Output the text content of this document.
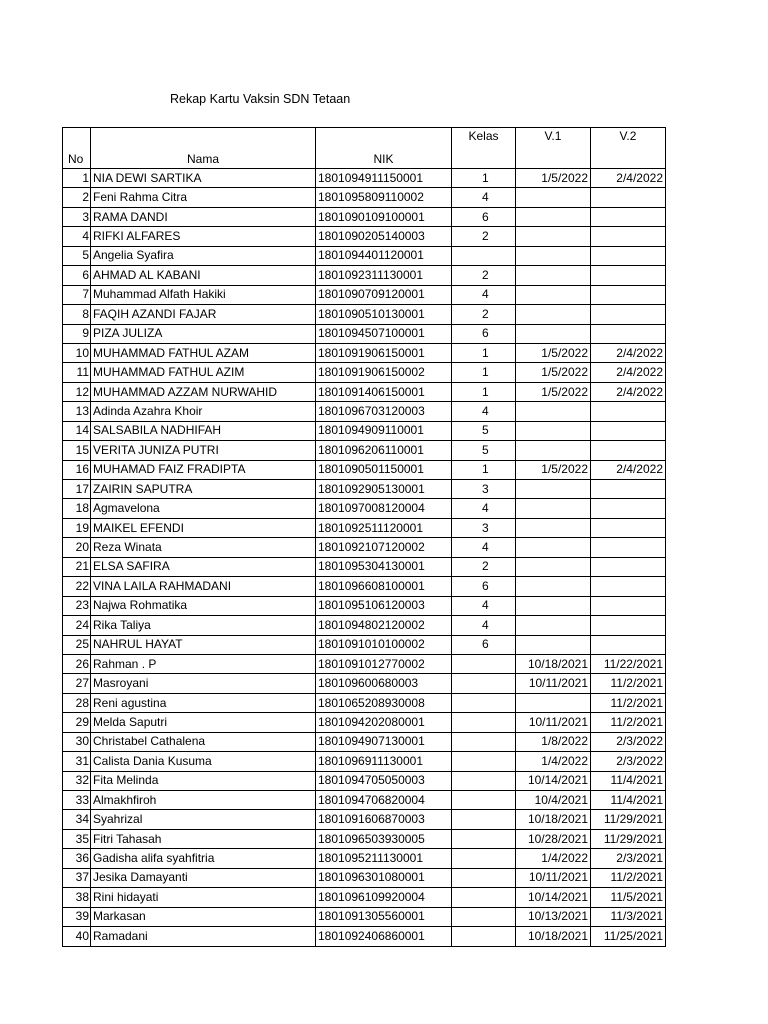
Rekap Kartu Vaksin SDN Tetaan
			Kelas	V.1	V.2
No	Nama	NIK			
1	NIA DEWI SARTIKA	1801094911150001	1	1/5/2022	2/4/2022
2	Feni Rahma Citra	1801095809110002	4		
3	RAMA DANDI	1801090109100001	6		
4	RIFKI ALFARES	1801090205140003	2		
5	Angelia Syafira	1801094401120001			
6	AHMAD AL KABANI	1801092311130001	2		
7	Muhammad Alfath Hakiki	1801090709120001	4		
8	FAQIH AZANDI FAJAR	1801090510130001	2		
9	PIZA JULIZA	1801094507100001	6		
10	MUHAMMAD FATHUL AZAM	1801091906150001	1	1/5/2022	2/4/2022
11	MUHAMMAD FATHUL AZIM	1801091906150002	1	1/5/2022	2/4/2022
12	MUHAMMAD AZZAM NURWAHID	1801091406150001	1	1/5/2022	2/4/2022
13	Adinda Azahra Khoir	1801096703120003	4		
14	SALSABILA NADHIFAH	1801094909110001	5		
15	VERITA JUNIZA PUTRI	1801096206110001	5		
16	MUHAMAD FAIZ FRADIPTA	1801090501150001	1	1/5/2022	2/4/2022
17	ZAIRIN SAPUTRA	1801092905130001	3		
18	Agmavelona	1801097008120004	4		
19	MAIKEL EFENDI	1801092511120001	3		
20	Reza Winata	1801092107120002	4		
21	ELSA SAFIRA	1801095304130001	2		
22	VINA LAILA RAHMADANI	1801096608100001	6		
23	Najwa Rohmatika	1801095106120003	4		
24	Rika Taliya	1801094802120002	4		
25	NAHRUL HAYAT	1801091010100002	6		
26	Rahman . P	1801091012770002		10/18/2021	11/22/2021
27	Masroyani	180109600680003		10/11/2021	11/2/2021
28	Reni agustina	1801065208930008			11/2/2021
29	Melda Saputri	1801094202080001		10/11/2021	11/2/2021
30	Christabel Cathalena	1801094907130001		1/8/2022	2/3/2022
31	Calista Dania Kusuma	1801096911130001		1/4/2022	2/3/2022
32	Fita Melinda	1801094705050003		10/14/2021	11/4/2021
33	Almakhfiroh	1801094706820004		10/4/2021	11/4/2021
34	Syahrizal	1801091606870003		10/18/2021	11/29/2021
35	Fitri Tahasah	1801096503930005		10/28/2021	11/29/2021
36	Gadisha alifa syahfitria	1801095211130001		1/4/2022	2/3/2021
37	Jesika Damayanti	1801096301080001		10/11/2021	11/2/2021
38	Rini hidayati	1801096109920004		10/14/2021	11/5/2021
39	Markasan	1801091305560001		10/13/2021	11/3/2021
40	Ramadani	1801092406860001		10/18/2021	11/25/2021
